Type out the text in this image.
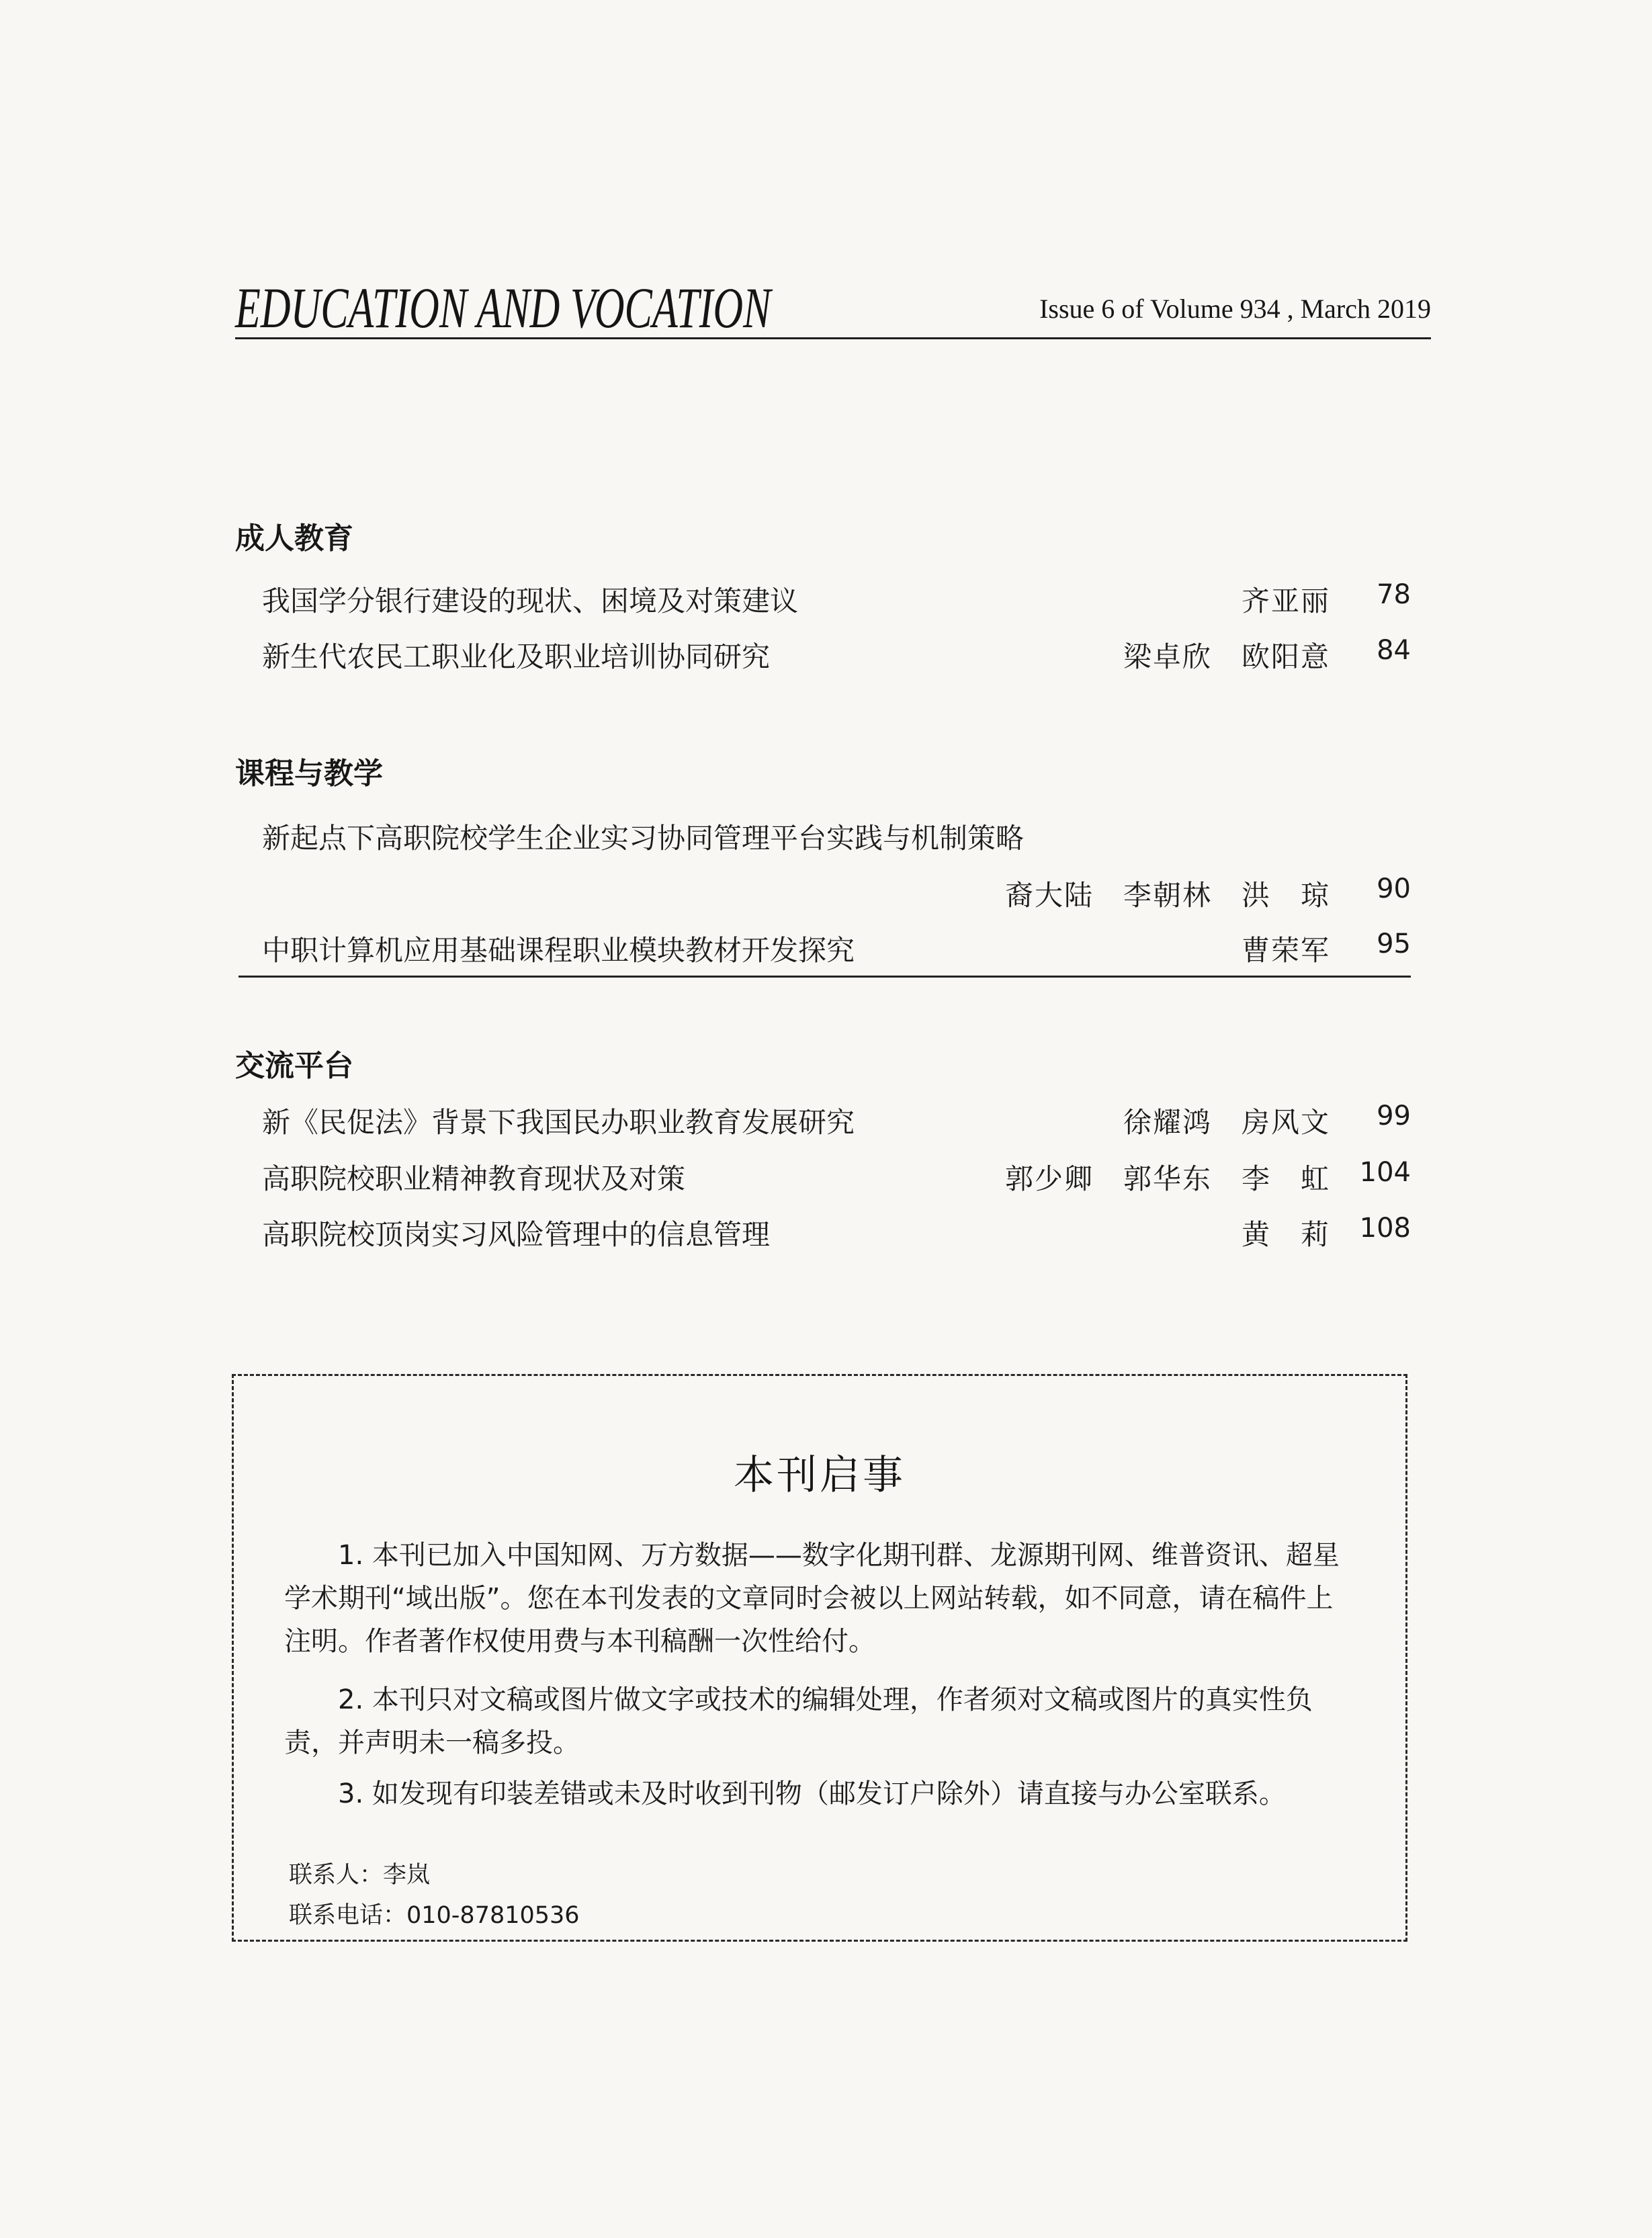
EDUCATION AND VOCATION	Issue 6 of Volume 934 , March 2019
成人教育
我国学分银行建设的现状、困境及对策建议	齐亚丽 78
新生代农民工职业化及职业培训协同研究	梁卓欣　欧阳意 84
课程与教学
新起点下高职院校学生企业实习协同管理平台实践与机制策略
裔大陆　李朝林　洪　琼 90
中职计算机应用基础课程职业模块教材开发探究	曹荣军 95
交流平台
新《民促法》背景下我国民办职业教育发展研究	徐耀鸿　房风文 99
高职院校职业精神教育现状及对策	郭少卿　郭华东　李　虹 104
高职院校顶岗实习风险管理中的信息管理	黄　莉 108
本刊启事
1. 本刊已加入中国知网、万方数据——数字化期刊群、龙源期刊网、维普资讯、超星学术期刊“域出版”。您在本刊发表的文章同时会被以上网站转载，如不同意，请在稿件上注明。作者著作权使用费与本刊稿酬一次性给付。
2. 本刊只对文稿或图片做文字或技术的编辑处理，作者须对文稿或图片的真实性负责，并声明未一稿多投。
3. 如发现有印装差错或未及时收到刊物（邮发订户除外）请直接与办公室联系。
联系人：李岚
联系电话：010-87810536
